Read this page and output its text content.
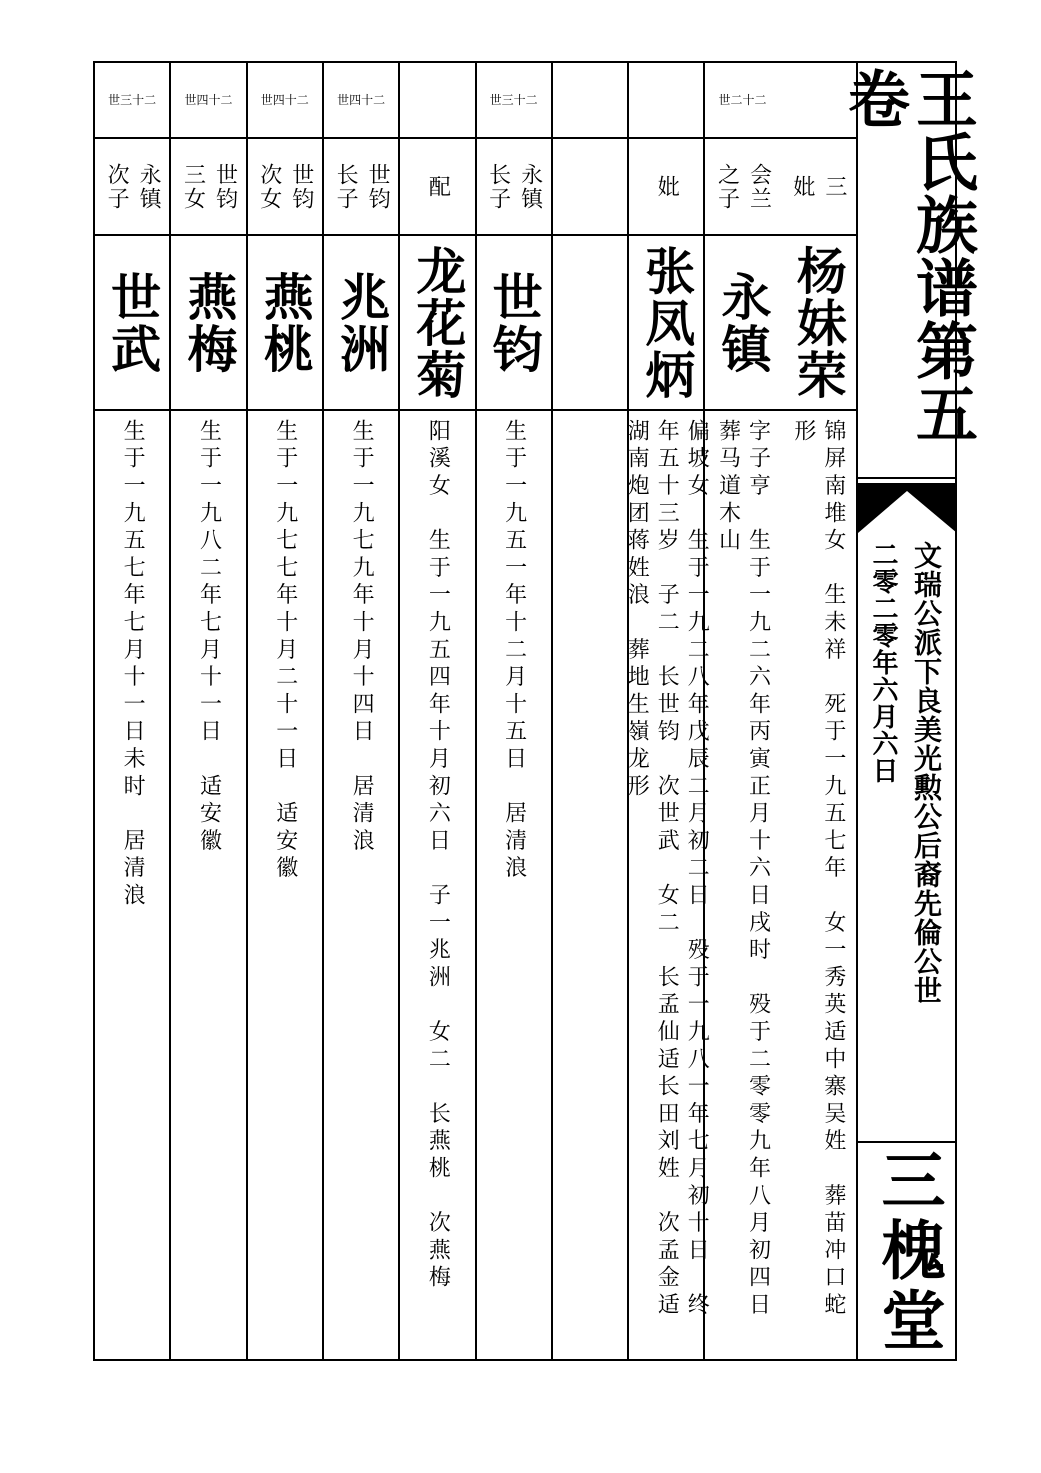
三
妣
杨妹荣
锦屏南堆女　生未祥　死于一九五七年　女一秀英适中寨吴姓　葬苗冲口蛇
形
世二十二
会兰
之子
永镇
字子亨　生于一九二六年丙寅正月十六日戌时　殁于二零零九年八月初四日
葬马道木山
妣
张凤炳
偏坡女　生于一九二八年戊辰二月初二日　殁于一九八一年七月初十日　终
年五十三岁　子二　长世钧　次世武　女二　长孟仙适长田刘姓　次孟金适
湖南炮团蒋姓浪　葬地生嶺龙形
世三十二
永镇
长子
世钧
生于一九五一年十二月十五日　居清浪
配
龙花菊
阳溪女　生于一九五四年十月初六日　子一兆洲　女二　长燕桃　次燕梅
世四十二
世钧
长子
兆洲
生于一九七九年十月十四日　居清浪
世四十二
世钧
次女
燕桃
生于一九七七年十月二十一日　适安徽
世四十二
世钧
三女
燕梅
生于一九八二年七月十一日　适安徽
世三十二
永镇
次子
世武
生于一九五七年七月十一日未时　居清浪
王氏族谱第五卷
文瑞公派下良美光勲公后裔先倫公世
二零二零年六月六日
三槐堂
